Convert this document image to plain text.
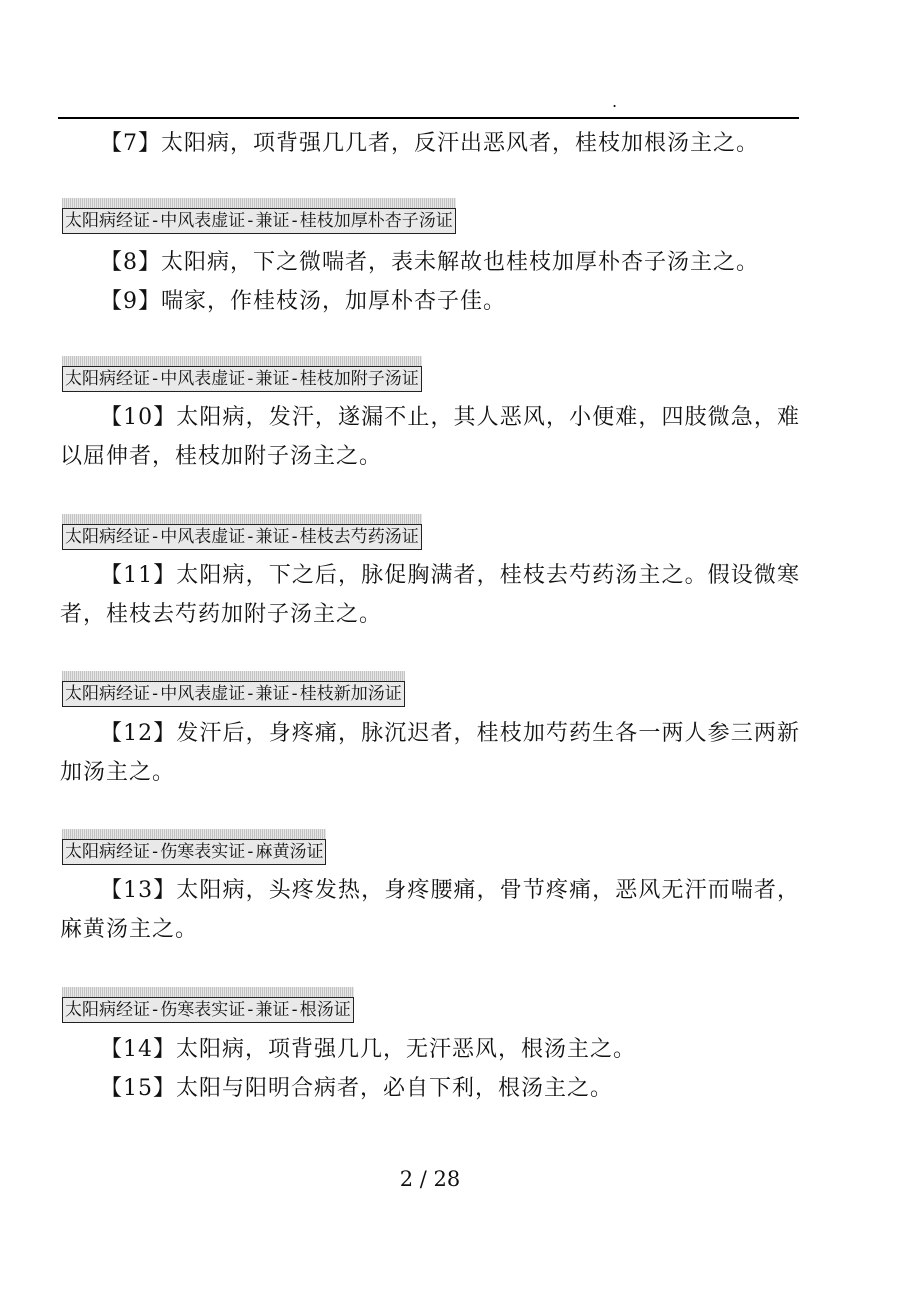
.

【7】太阳病，项背强几几者，反汗出恶风者，桂枝加根汤主之。

太阳病经证-中风表虚证-兼证-桂枝加厚朴杏子汤证

【8】太阳病，下之微喘者，表未解故也桂枝加厚朴杏子汤主之。

【9】喘家，作桂枝汤，加厚朴杏子佳。

太阳病经证-中风表虚证-兼证-桂枝加附子汤证

【10】太阳病，发汗，遂漏不止，其人恶风，小便难，四肢微急，难以屈伸者，桂枝加附子汤主之。

太阳病经证-中风表虚证-兼证-桂枝去芍药汤证

【11】太阳病，下之后，脉促胸满者，桂枝去芍药汤主之。假设微寒者，桂枝去芍药加附子汤主之。

太阳病经证-中风表虚证-兼证-桂枝新加汤证

【12】发汗后，身疼痛，脉沉迟者，桂枝加芍药生各一两人参三两新加汤主之。

太阳病经证-伤寒表实证-麻黄汤证

【13】太阳病，头疼发热，身疼腰痛，骨节疼痛，恶风无汗而喘者，麻黄汤主之。

太阳病经证-伤寒表实证-兼证-根汤证

【14】太阳病，项背强几几，无汗恶风，根汤主之。

【15】太阳与阳明合病者，必自下利，根汤主之。

2 / 28
